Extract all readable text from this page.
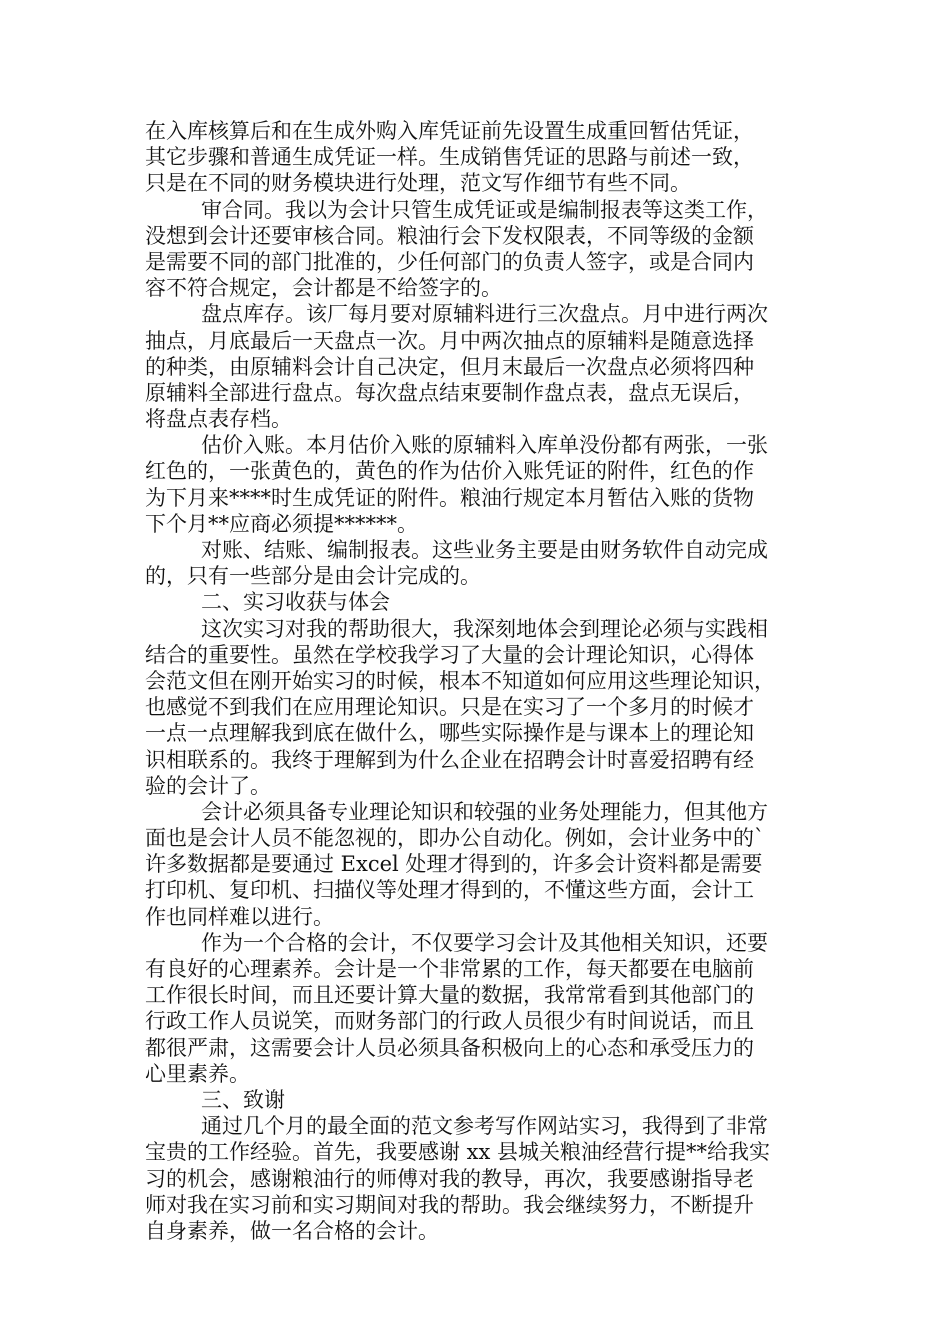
在入库核算后和在生成外购入库凭证前先设置生成重回暂估凭证，
其它步骤和普通生成凭证一样。生成销售凭证的思路与前述一致，
只是在不同的财务模块进行处理，范文写作细节有些不同。
审合同。我以为会计只管生成凭证或是编制报表等这类工作，
没想到会计还要审核合同。粮油行会下发权限表，不同等级的金额
是需要不同的部门批准的，少任何部门的负责人签字，或是合同内
容不符合规定，会计都是不给签字的。
盘点库存。该厂每月要对原辅料进行三次盘点。月中进行两次
抽点，月底最后一天盘点一次。月中两次抽点的原辅料是随意选择
的种类，由原辅料会计自己决定，但月末最后一次盘点必须将四种
原辅料全部进行盘点。每次盘点结束要制作盘点表，盘点无误后，
将盘点表存档。
估价入账。本月估价入账的原辅料入库单没份都有两张，一张
红色的，一张黄色的，黄色的作为估价入账凭证的附件，红色的作
为下月来****时生成凭证的附件。粮油行规定本月暂估入账的货物
下个月**应商必须提******。
对账、结账、编制报表。这些业务主要是由财务软件自动完成
的，只有一些部分是由会计完成的。
二、实习收获与体会
这次实习对我的帮助很大，我深刻地体会到理论必须与实践相
结合的重要性。虽然在学校我学习了大量的会计理论知识，心得体
会范文但在刚开始实习的时候，根本不知道如何应用这些理论知识，
也感觉不到我们在应用理论知识。只是在实习了一个多月的时候才
一点一点理解我到底在做什么，哪些实际操作是与课本上的理论知
识相联系的。我终于理解到为什么企业在招聘会计时喜爱招聘有经
验的会计了。
会计必须具备专业理论知识和较强的业务处理能力，但其他方
面也是会计人员不能忽视的，即办公自动化。例如，会计业务中的`
许多数据都是要通过 Excel 处理才得到的，许多会计资料都是需要
打印机、复印机、扫描仪等处理才得到的，不懂这些方面，会计工
作也同样难以进行。
作为一个合格的会计，不仅要学习会计及其他相关知识，还要
有良好的心理素养。会计是一个非常累的工作，每天都要在电脑前
工作很长时间，而且还要计算大量的数据，我常常看到其他部门的
行政工作人员说笑，而财务部门的行政人员很少有时间说话，而且
都很严肃，这需要会计人员必须具备积极向上的心态和承受压力的
心里素养。
三、致谢
通过几个月的最全面的范文参考写作网站实习，我得到了非常
宝贵的工作经验。首先，我要感谢 xx 县城关粮油经营行提**给我实
习的机会，感谢粮油行的师傅对我的教导，再次，我要感谢指导老
师对我在实习前和实习期间对我的帮助。我会继续努力，不断提升
自身素养，做一名合格的会计。
